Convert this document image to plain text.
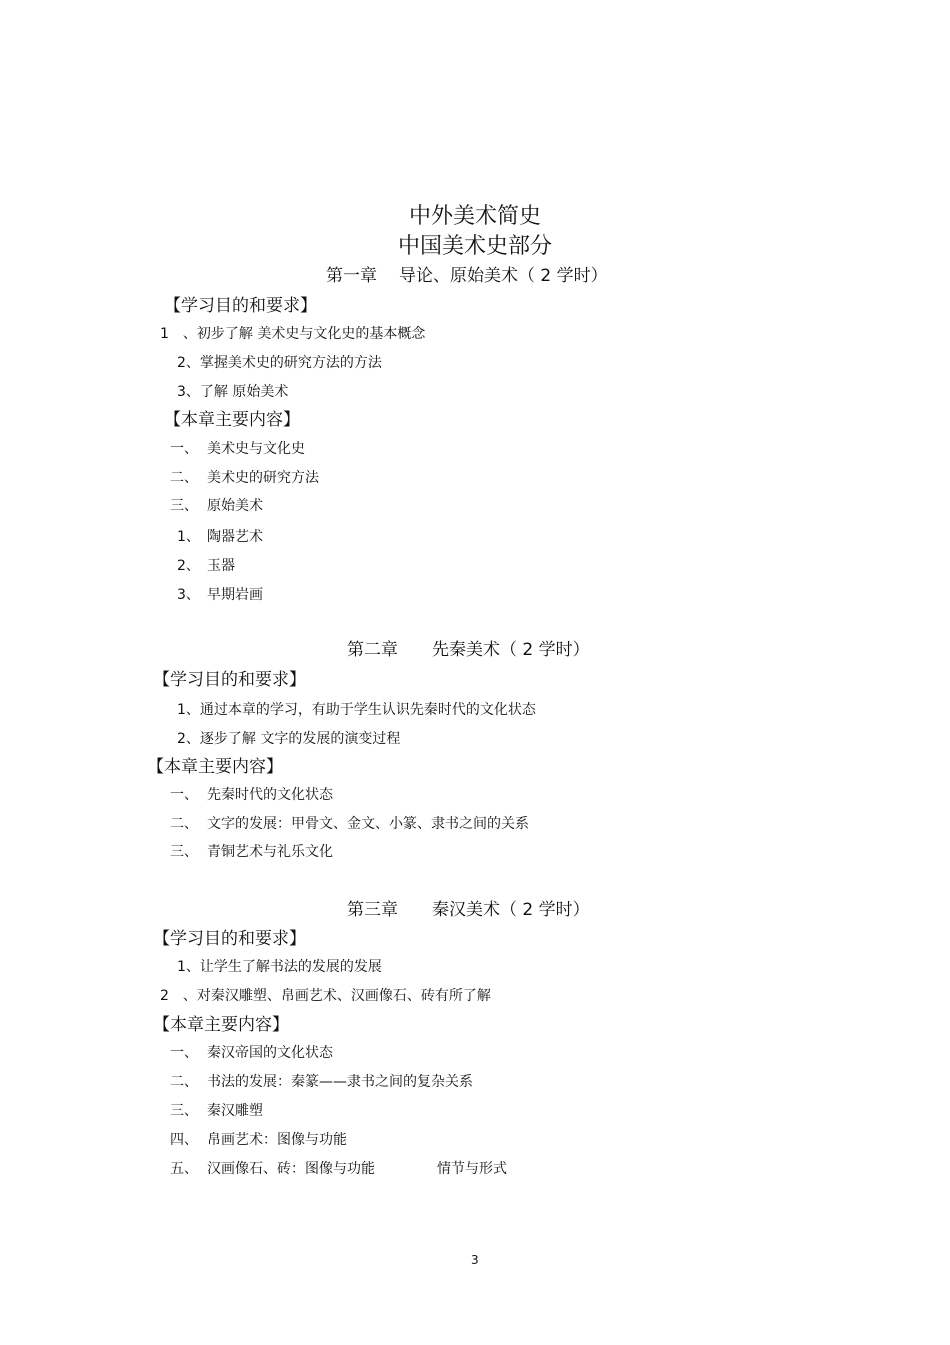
中外美术简史
中国美术史部分
第一章 导论、原始美术（ 2 学时）
【学习目的和要求】
1 、初步了解 美术史与文化史的基本概念
2、掌握美术史的研究方法的方法
3、了解 原始美术
【本章主要内容】
一、 美术史与文化史
二、 美术史的研究方法
三、 原始美术
1、 陶器艺术
2、 玉器
3、 早期岩画
第二章 先秦美术（ 2 学时）
【学习目的和要求】
1、通过本章的学习，有助于学生认识先秦时代的文化状态
2、逐步了解 文字的发展的演变过程
【本章主要内容】
一、 先秦时代的文化状态
二、 文字的发展：甲骨文、金文、小篆、隶书之间的关系
三、 青铜艺术与礼乐文化
第三章 秦汉美术（ 2 学时）
【学习目的和要求】
1、让学生了解书法的发展的发展
2 、对秦汉雕塑、帛画艺术、汉画像石、砖有所了解
【本章主要内容】
一、 秦汉帝国的文化状态
二、 书法的发展：秦篆——隶书之间的复杂关系
三、 秦汉雕塑
四、 帛画艺术：图像与功能
五、 汉画像石、砖：图像与功能	情节与形式
3
